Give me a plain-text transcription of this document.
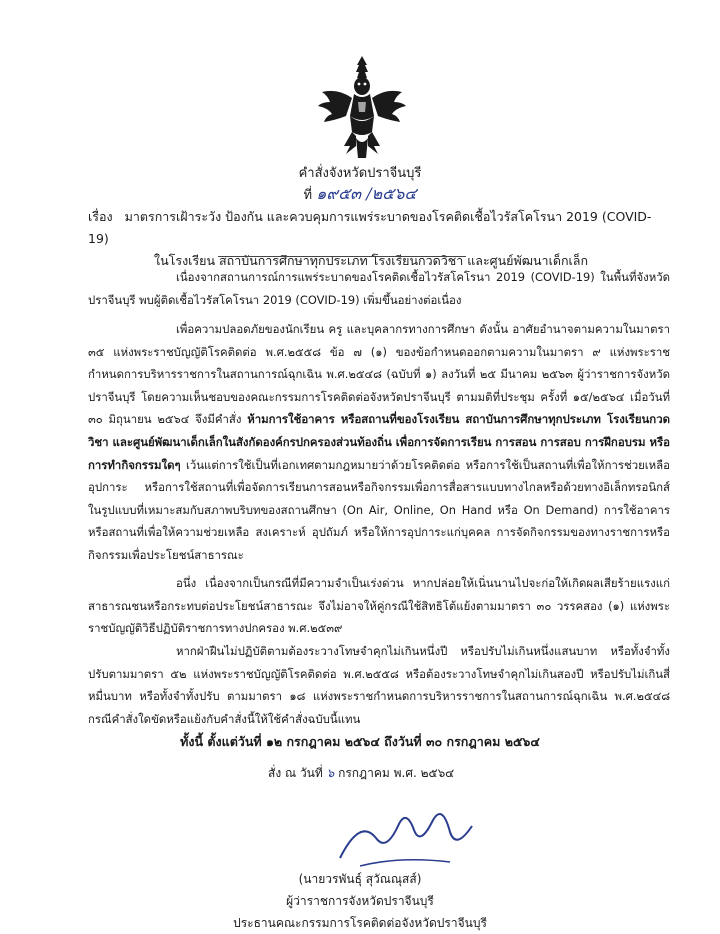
คำสั่งจังหวัดปราจีนบุรี
ที่ ๑๙๕๓ /๒๕๖๔
เรื่อง มาตรการเฝ้าระวัง ป้องกัน และควบคุมการแพร่ระบาดของโรคติดเชื้อไวรัสโคโรนา 2019 (COVID-19)
ในโรงเรียน สถาบันการศึกษาทุกประเภท โรงเรียนกวดวิชา และศูนย์พัฒนาเด็กเล็ก
เนื่องจากสถานการณ์การแพร่ระบาดของโรคติดเชื้อไวรัสโคโรนา 2019 (COVID-19) ในพื้นที่จังหวัดปราจีนบุรี พบผู้ติดเชื้อไวรัสโคโรนา 2019 (COVID-19) เพิ่มขึ้นอย่างต่อเนื่อง
เพื่อความปลอดภัยของนักเรียน ครู และบุคลากรทางการศึกษา ดังนั้น อาศัยอำนาจตามความในมาตรา ๓๕ แห่งพระราชบัญญัติโรคติดต่อ พ.ศ.๒๕๕๘ ข้อ ๗ (๑) ของข้อกำหนดออกตามความในมาตรา ๙ แห่งพระราชกำหนดการบริหารราชการในสถานการณ์ฉุกเฉิน พ.ศ.๒๕๔๘ (ฉบับที่ ๑) ลงวันที่ ๒๕ มีนาคม ๒๕๖๓ ผู้ว่าราชการจังหวัดปราจีนบุรี โดยความเห็นชอบของคณะกรรมการโรคติดต่อจังหวัดปราจีนบุรี ตามมติที่ประชุม ครั้งที่ ๑๕/๒๕๖๔ เมื่อวันที่ ๓๐ มิถุนายน ๒๕๖๔ จึงมีคำสั่ง ห้ามการใช้อาคาร หรือสถานที่ของโรงเรียน สถาบันการศึกษาทุกประเภท โรงเรียนกวดวิชา และศูนย์พัฒนาเด็กเล็กในสังกัดองค์กรปกครองส่วนท้องถิ่น เพื่อการจัดการเรียน การสอน การสอบ การฝึกอบรม หรือการทำกิจกรรมใดๆ เว้นแต่การใช้เป็นที่เอกเทศตามกฎหมายว่าด้วยโรคติดต่อ หรือการใช้เป็นสถานที่เพื่อให้การช่วยเหลืออุปการะ หรือการใช้สถานที่เพื่อจัดการเรียนการสอนหรือกิจกรรมเพื่อการสื่อสารแบบทางไกลหรือด้วยทางอิเล็กทรอนิกส์ ในรูปแบบที่เหมาะสมกับสภาพบริบทของสถานศึกษา (On Air, Online, On Hand หรือ On Demand) การใช้อาคาร หรือสถานที่เพื่อให้ความช่วยเหลือ สงเคราะห์ อุปถัมภ์ หรือให้การอุปการะแก่บุคคล การจัดกิจกรรมของทางราชการหรือกิจกรรมเพื่อประโยชน์สาธารณะ
อนึ่ง เนื่องจากเป็นกรณีที่มีความจำเป็นเร่งด่วน หากปล่อยให้เนิ่นนานไปจะก่อให้เกิดผลเสียร้ายแรงแก่สาธารณชนหรือกระทบต่อประโยชน์สาธารณะ จึงไม่อาจให้คู่กรณีใช้สิทธิโต้แย้งตามมาตรา ๓๐ วรรคสอง (๑) แห่งพระราชบัญญัติวิธีปฏิบัติราชการทางปกครอง พ.ศ.๒๕๓๙
หากฝ่าฝืนไม่ปฏิบัติตามต้องระวางโทษจำคุกไม่เกินหนึ่งปี หรือปรับไม่เกินหนึ่งแสนบาท หรือทั้งจำทั้งปรับตามมาตรา ๕๒ แห่งพระราชบัญญัติโรคติดต่อ พ.ศ.๒๕๕๘ หรือต้องระวางโทษจำคุกไม่เกินสองปี หรือปรับไม่เกินสี่หมื่นบาท หรือทั้งจำทั้งปรับ ตามมาตรา ๑๘ แห่งพระราชกำหนดการบริหารราชการในสถานการณ์ฉุกเฉิน พ.ศ.๒๕๔๘ กรณีคำสั่งใดขัดหรือแย้งกับคำสั่งนี้ให้ใช้คำสั่งฉบับนี้แทน
ทั้งนี้ ตั้งแต่วันที่ ๑๒ กรกฎาคม ๒๕๖๔ ถึงวันที่ ๓๐ กรกฎาคม ๒๕๖๔
สั่ง ณ วันที่ ๖ กรกฎาคม พ.ศ. ๒๕๖๔
(นายวรพันธุ์ สุวัณณุสส์)
ผู้ว่าราชการจังหวัดปราจีนบุรี
ประธานคณะกรรมการโรคติดต่อจังหวัดปราจีนบุรี
